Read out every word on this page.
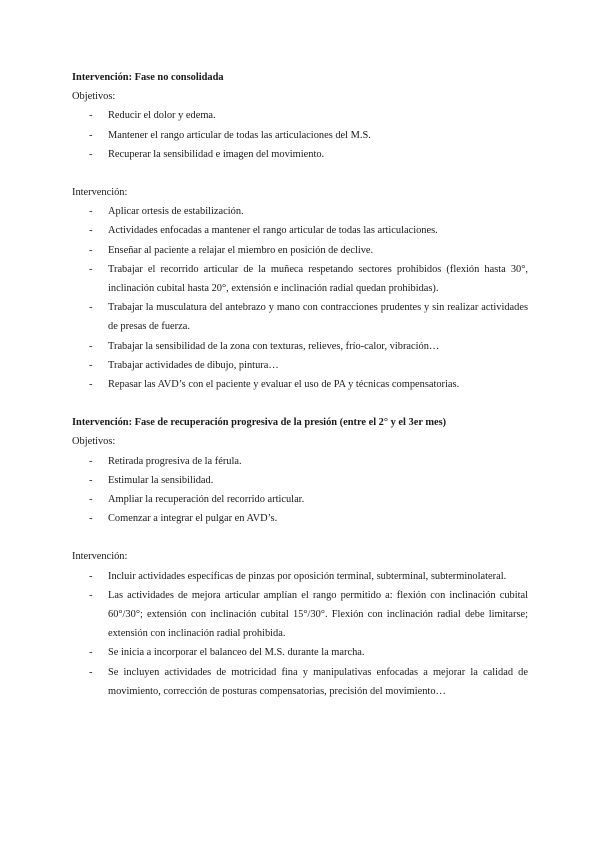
Intervención: Fase no consolidada
Objetivos:
- Reducir el dolor y edema.
- Mantener el rango articular de todas las articulaciones del M.S.
- Recuperar la sensibilidad e imagen del movimiento.
Intervención:
- Aplicar ortesis de estabilización.
- Actividades enfocadas a mantener el rango articular de todas las articulaciones.
- Enseñar al paciente a relajar el miembro en posición de declive.
- Trabajar el recorrido articular de la muñeca respetando sectores prohibidos (flexión hasta 30°, inclinación cubital hasta 20°, extensión e inclinación radial quedan prohibidas).
- Trabajar la musculatura del antebrazo y mano con contracciones prudentes y sin realizar actividades de presas de fuerza.
- Trabajar la sensibilidad de la zona con texturas, relieves, frío-calor, vibración…
- Trabajar actividades de dibujo, pintura…
- Repasar las AVD’s con el paciente y evaluar el uso de PA y técnicas compensatorias.
Intervención: Fase de recuperación progresiva de la presión (entre el 2° y el 3er mes)
Objetivos:
- Retirada progresiva de la férula.
- Estimular la sensibilidad.
- Ampliar la recuperación del recorrido articular.
- Comenzar a integrar el pulgar en AVD’s.
Intervención:
- Incluir actividades específicas de pinzas por oposición terminal, subterminal, subterminolateral.
- Las actividades de mejora articular amplían el rango permitido a: flexión con inclinación cubital 60°/30°; extensión con inclinación cubital 15°/30°. Flexión con inclinación radial debe limitarse; extensión con inclinación radial prohibida.
- Se inicia a incorporar el balanceo del M.S. durante la marcha.
- Se incluyen actividades de motricidad fina y manipulativas enfocadas a mejorar la calidad de movimiento, corrección de posturas compensatorias, precisión del movimiento…
